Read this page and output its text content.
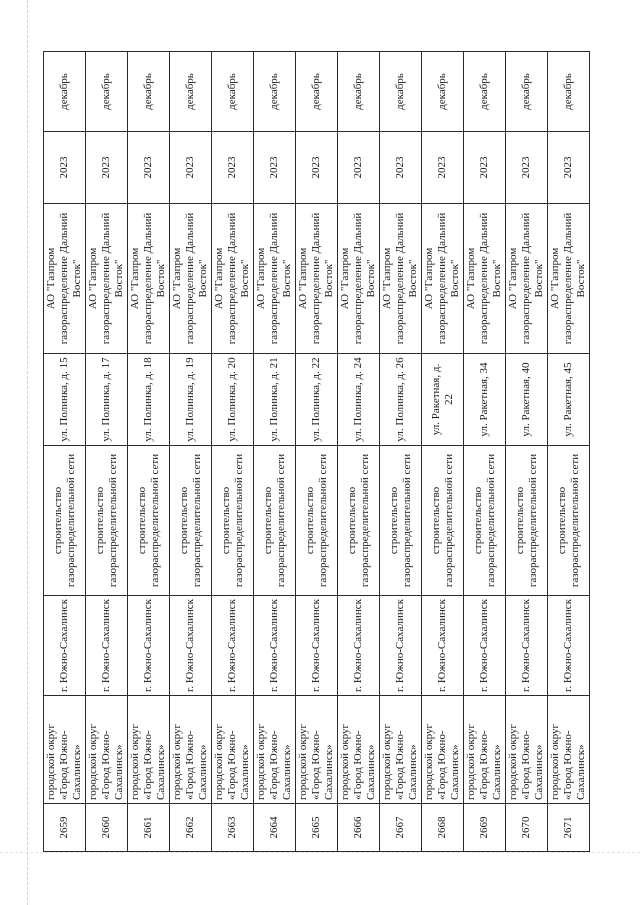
2659	городской округ «Город Южно-Сахалинск»	г. Южно-Сахалинск	строительство газораспределительной сети	ул. Полинка, д. 15	АО "Газпром газораспределение Дальний Восток"	2023	декабрь
2660	городской округ «Город Южно-Сахалинск»	г. Южно-Сахалинск	строительство газораспределительной сети	ул. Полинка, д. 17	АО "Газпром газораспределение Дальний Восток"	2023	декабрь
2661	городской округ «Город Южно-Сахалинск»	г. Южно-Сахалинск	строительство газораспределительной сети	ул. Полинка, д. 18	АО "Газпром газораспределение Дальний Восток"	2023	декабрь
2662	городской округ «Город Южно-Сахалинск»	г. Южно-Сахалинск	строительство газораспределительной сети	ул. Полинка, д. 19	АО "Газпром газораспределение Дальний Восток"	2023	декабрь
2663	городской округ «Город Южно-Сахалинск»	г. Южно-Сахалинск	строительство газораспределительной сети	ул. Полинка, д. 20	АО "Газпром газораспределение Дальний Восток"	2023	декабрь
2664	городской округ «Город Южно-Сахалинск»	г. Южно-Сахалинск	строительство газораспределительной сети	ул. Полинка, д. 21	АО "Газпром газораспределение Дальний Восток"	2023	декабрь
2665	городской округ «Город Южно-Сахалинск»	г. Южно-Сахалинск	строительство газораспределительной сети	ул. Полинка, д. 22	АО "Газпром газораспределение Дальний Восток"	2023	декабрь
2666	городской округ «Город Южно-Сахалинск»	г. Южно-Сахалинск	строительство газораспределительной сети	ул. Полинка, д. 24	АО "Газпром газораспределение Дальний Восток"	2023	декабрь
2667	городской округ «Город Южно-Сахалинск»	г. Южно-Сахалинск	строительство газораспределительной сети	ул. Полинка, д. 26	АО "Газпром газораспределение Дальний Восток"	2023	декабрь
2668	городской округ «Город Южно-Сахалинск»	г. Южно-Сахалинск	строительство газораспределительной сети	ул. Ракетная, д. 22	АО "Газпром газораспределение Дальний Восток"	2023	декабрь
2669	городской округ «Город Южно-Сахалинск»	г. Южно-Сахалинск	строительство газораспределительной сети	ул. Ракетная, 34	АО "Газпром газораспределение Дальний Восток"	2023	декабрь
2670	городской округ «Город Южно-Сахалинск»	г. Южно-Сахалинск	строительство газораспределительной сети	ул. Ракетная, 40	АО "Газпром газораспределение Дальний Восток"	2023	декабрь
2671	городской округ «Город Южно-Сахалинск»	г. Южно-Сахалинск	строительство газораспределительной сети	ул. Ракетная, 45	АО "Газпром газораспределение Дальний Восток"	2023	декабрь
